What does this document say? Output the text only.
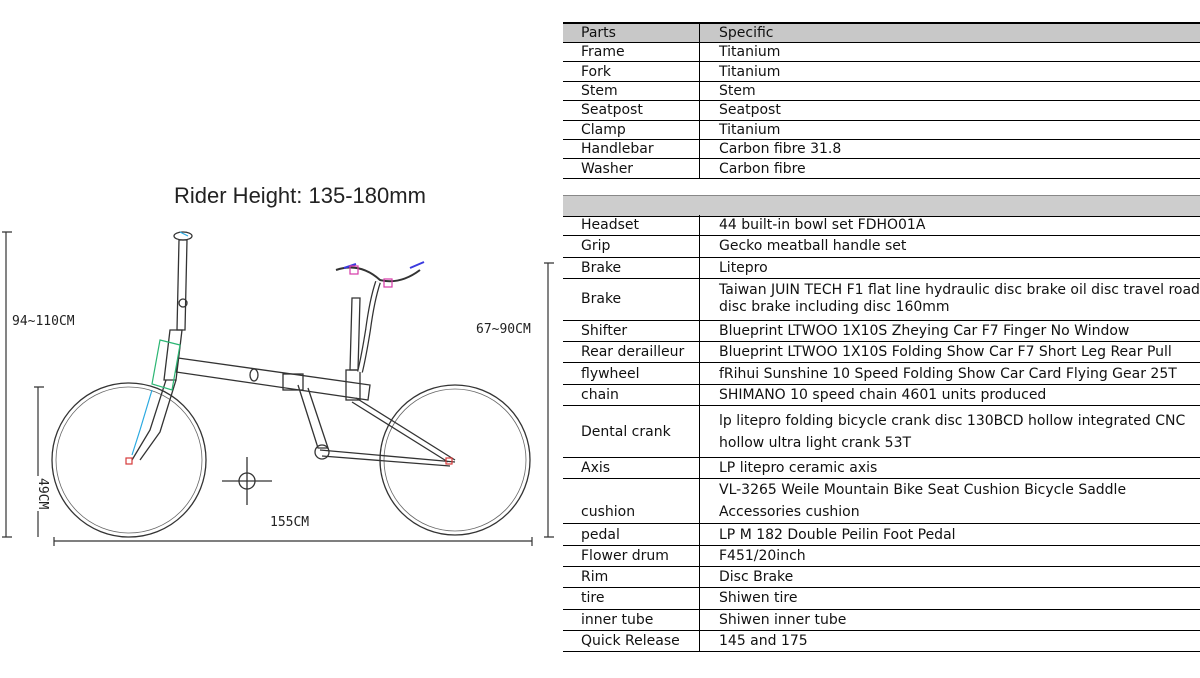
Rider Height: 135-180mm
94~110CM
67~90CM
49CM
155CM
Parts	Specific
Frame	Titanium
Fork	Titanium
Stem	Stem
Seatpost	Seatpost
Clamp	Titanium
Handlebar	Carbon fibre 31.8
Washer	Carbon fibre
Headset	44 built-in bowl set FDHO01A
Grip	Gecko meatball handle set
Brake	Litepro
Brake	Taiwan JUIN TECH F1 flat line hydraulic disc brake oil disc travel road disc brake including disc 160mm
Shifter	Blueprint LTWOO 1X10S Zheying Car F7 Finger No Window
Rear derailleur	Blueprint LTWOO 1X10S Folding Show Car F7 Short Leg Rear Pull
flywheel	fRihui Sunshine 10 Speed Folding Show Car Card Flying Gear 25T
chain	SHIMANO 10 speed chain 4601 units produced
Dental crank	lp litepro folding bicycle crank disc 130BCD hollow integrated CNC hollow ultra light crank 53T
Axis	LP litepro ceramic axis
cushion	VL-3265 Weile Mountain Bike Seat Cushion Bicycle Saddle Accessories cushion
pedal	LP M 182 Double Peilin Foot Pedal
Flower drum	F451/20inch
Rim	Disc Brake
tire	Shiwen tire
inner tube	Shiwen inner tube
Quick Release	145 and 175
